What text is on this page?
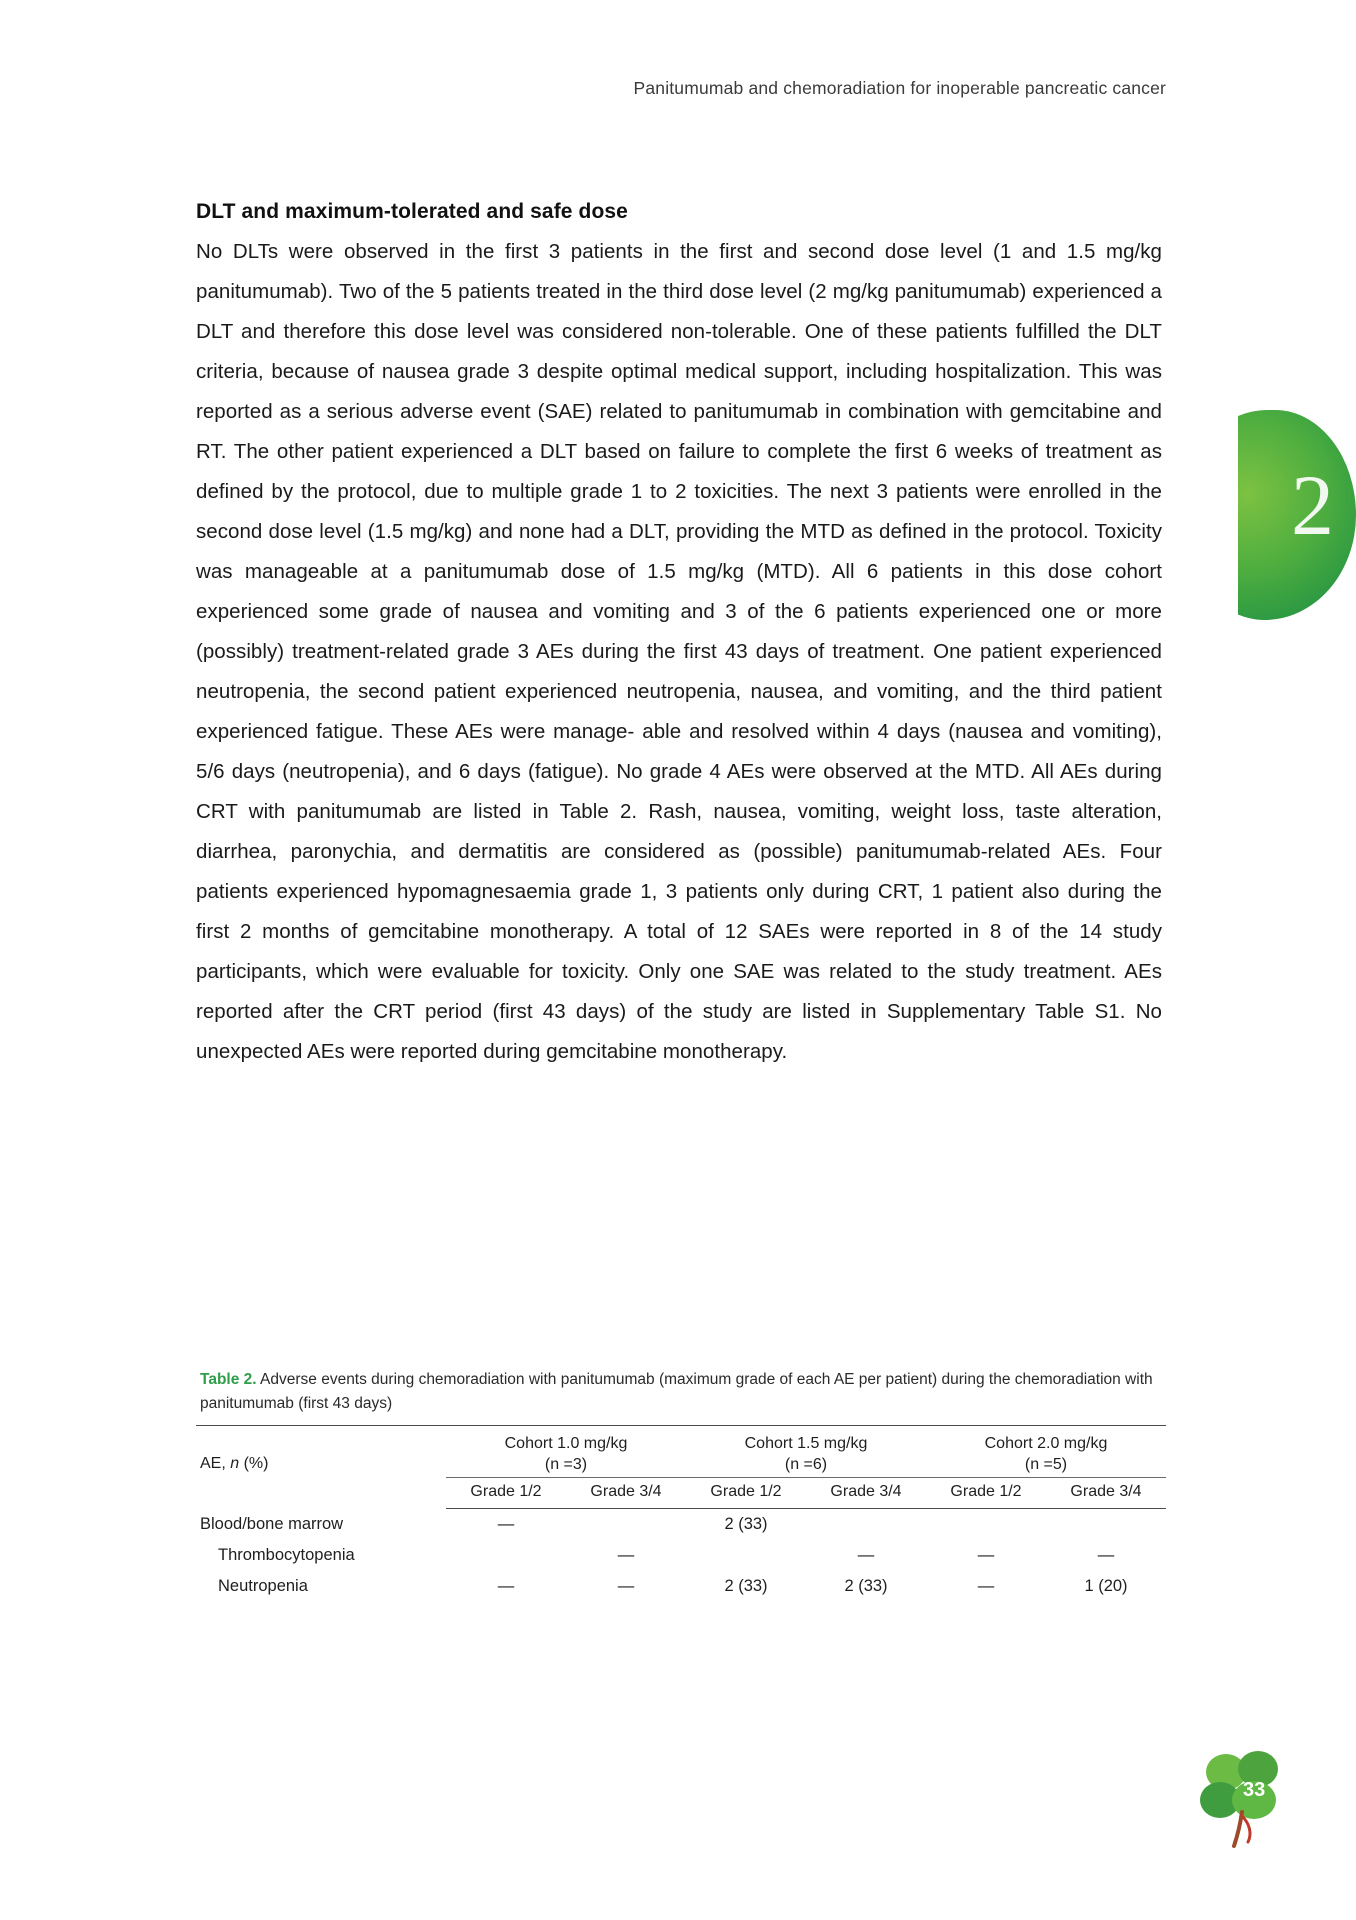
Panitumumab and chemoradiation for inoperable pancreatic cancer
2
DLT and maximum-tolerated and safe dose

No DLTs were observed in the first 3 patients in the first and second dose level (1 and 1.5 mg/kg panitumumab). Two of the 5 patients treated in the third dose level (2 mg/kg panitumumab) experienced a DLT and therefore this dose level was considered non-tolerable. One of these patients fulfilled the DLT criteria, because of nausea grade 3 despite optimal medical support, including hospitalization. This was reported as a serious adverse event (SAE) related to panitumumab in combination with gemcitabine and RT. The other patient experienced a DLT based on failure to complete the first 6 weeks of treatment as defined by the protocol, due to multiple grade 1 to 2 toxicities. The next 3 patients were enrolled in the second dose level (1.5 mg/kg) and none had a DLT, providing the MTD as defined in the protocol. Toxicity was manageable at a panitumumab dose of 1.5 mg/kg (MTD). All 6 patients in this dose cohort experienced some grade of nausea and vomiting and 3 of the 6 patients experienced one or more (possibly) treatment-related grade 3 AEs during the first 43 days of treatment. One patient experienced neutropenia, the second patient experienced neutropenia, nausea, and vomiting, and the third patient experienced fatigue. These AEs were manage- able and resolved within 4 days (nausea and vomiting), 5/6 days (neutropenia), and 6 days (fatigue). No grade 4 AEs were observed at the MTD. All AEs during CRT with panitumumab are listed in Table 2. Rash, nausea, vomiting, weight loss, taste alteration, diarrhea, paronychia, and dermatitis are considered as (possible) panitumumab-related AEs. Four patients experienced hypomagnesaemia grade 1, 3 patients only during CRT, 1 patient also during the first 2 months of gemcitabine monotherapy. A total of 12 SAEs were reported in 8 of the 14 study participants, which were evaluable for toxicity. Only one SAE was related to the study treatment. AEs reported after the CRT period (first 43 days) of the study are listed in Supplementary Table S1. No unexpected AEs were reported during gemcitabine monotherapy.

Table 2. Adverse events during chemoradiation with panitumumab (maximum grade of each AE per patient) during the chemoradiation with panitumumab (first 43 days)
AE, n (%)	
Cohort 1.0 mg/kg
(n =3)

Cohort 1.5 mg/kg
(n =6)

Cohort 2.0 mg/kg
(n =5)

	Grade 1/2	Grade 3/4	Grade 1/2	Grade 3/4	Grade 1/2	Grade 3/4
Blood/bone marrow	—		2 (33)			
Thrombocytopenia		—		—	—	—
Neutropenia	—	—	2 (33)	2 (33)	—	1 (20)
33
